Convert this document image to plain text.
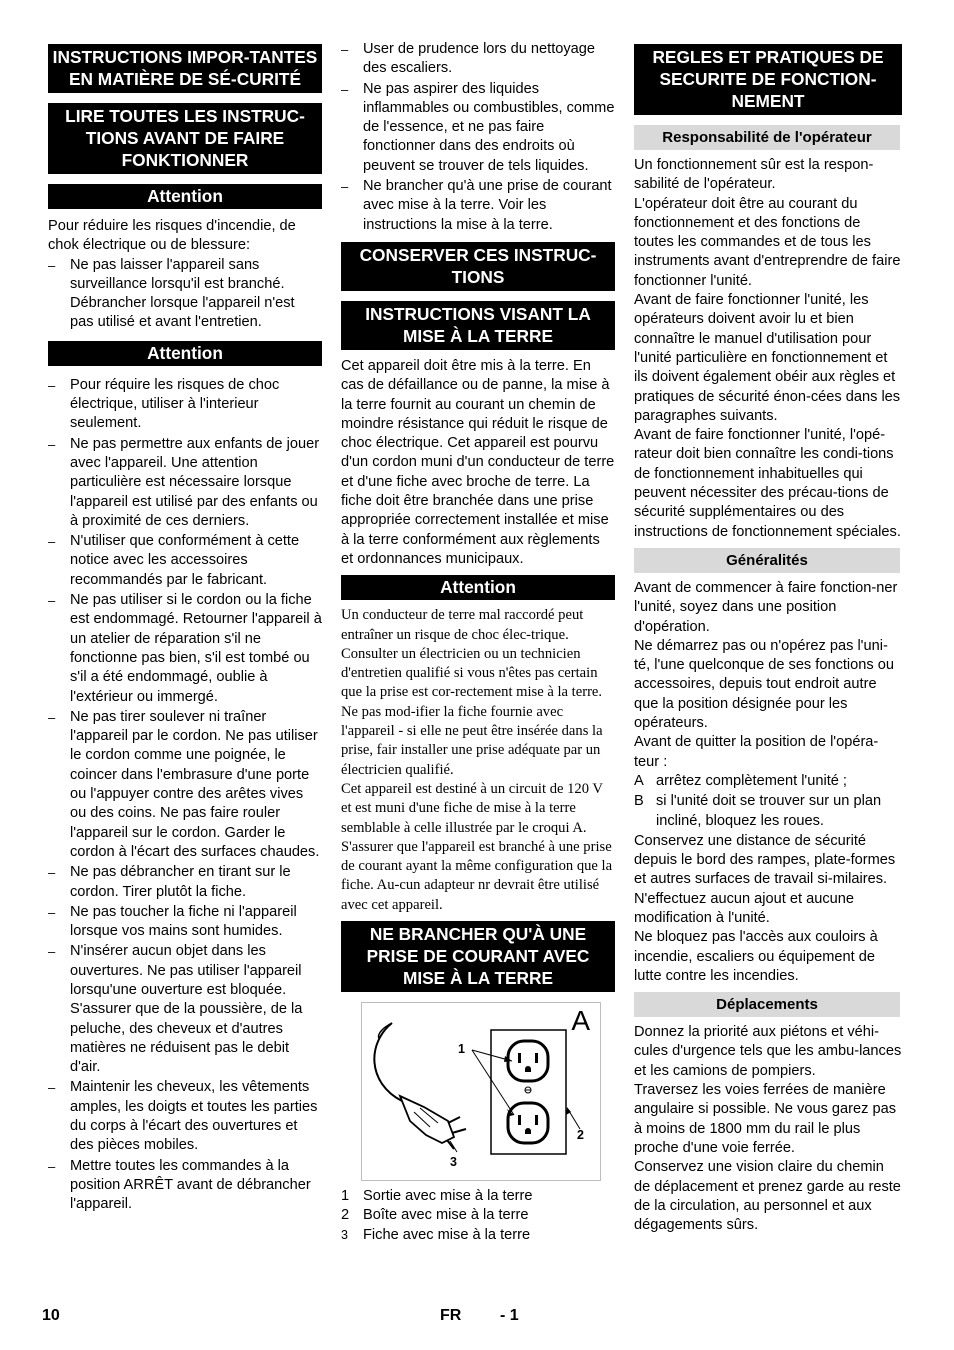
INSTRUCTIONS IMPOR-TANTES EN MATIÈRE DE SÉ-CURITÉ
LIRE TOUTES LES INSTRUC-TIONS AVANT DE FAIRE FONKTIONNER
Attention

Pour réduire les risques d'incendie, de chok électrique ou de blessure:

– Ne pas laisser l'appareil sans surveillance lorsqu'il est branché. Débrancher lorsque l'appareil n'est pas utilisé et avant l'entretien.
Attention
– Pour réquire les risques de choc électrique, utiliser à l'interieur seulement.
– Ne pas permettre aux enfants de jouer avec l'appareil. Une attention particulière est nécessaire lorsque l'appareil est utilisé par des enfants ou à proximité de ces derniers.
– N'utiliser que conformément à cette notice avec les accessoires recommandés par le fabricant.
– Ne pas utiliser si le cordon ou la fiche est endommagé. Retourner l'appareil à un atelier de réparation s'il ne fonctionne pas bien, s'il est tombé ou s'il a été endommagé, oublie à l'extérieur ou immergé.
– Ne pas tirer soulever ni traîner l'appareil par le cordon. Ne pas utiliser le cordon comme une poignée, le coincer dans l'embrasure d'une porte ou l'appuyer contre des arêtes vives ou des coins. Ne pas faire rouler l'appareil sur le cordon. Garder le cordon à l'écart des surfaces chaudes.
– Ne pas débrancher en tirant sur le cordon. Tirer plutôt la fiche.
– Ne pas toucher la fiche ni l'appareil lorsque vos mains sont humides.
– N'insérer aucun objet dans les ouvertures. Ne pas utiliser l'appareil lorsqu'une ouverture est bloquée. S'assurer que de la poussière, de la peluche, des cheveux et d'autres matières ne réduisent pas le debit d'air.
– Maintenir les cheveux, les vêtements amples, les doigts et toutes les parties du corps à l'écart des ouvertures et des pièces mobiles.
– Mettre toutes les commandes à la position ARRÊT avant de débrancher l'appareil.
– User de prudence lors du nettoyage des escaliers.
– Ne pas aspirer des liquides inflammables ou combustibles, comme de l'essence, et ne pas faire fonctionner dans des endroits où peuvent se trouver de tels liquides.
– Ne brancher qu'à une prise de courant avec mise à la terre. Voir les instructions la mise à la terre.
CONSERVER CES INSTRUC-TIONS
INSTRUCTIONS VISANT LA MISE À LA TERRE

Cet appareil doit être mis à la terre. En cas de défaillance ou de panne, la mise à la terre fournit au courant un chemin de moindre résistance qui réduit le risque de choc électrique. Cet appareil est pourvu d'un cordon muni d'un conducteur de terre et d'une fiche avec broche de terre. La fiche doit être branchée dans une prise appropriée correctement installée et mise à la terre conformément aux règlements et ordonnances municipaux.

Attention

Un conducteur de terre mal raccordé peut entraîner un risque de choc élec-trique. Consulter un électricien ou un technicien d'entretien qualifié si vous n'êtes pas certain que la prise est cor-rectement mise à la terre. Ne pas mod-ifier la fiche fournie avec l'appareil - si elle ne peut être insérée dans la prise, fair installer une prise adéquate par un électricien qualifié.

Cet appareil est destiné à un circuit de 120 V et est muni d'une fiche de mise à la terre semblable à celle illustrée par le croqui A. S'assurer que l'appareil est branché à une prise de courant ayant la même configuration que la fiche. Au-cun adapteur nr devrait être utilisé avec cet appareil.

NE BRANCHER QU'À UNE PRISE DE COURANT AVEC MISE À LA TERRE
A
1
2
3
1 Sortie avec mise à la terre
2 Boîte avec mise à la terre
3 Fiche avec mise à la terre
REGLES ET PRATIQUES DE SECURITE DE FONCTION-NEMENT
Responsabilité de l'opérateur

Un fonctionnement sûr est la respon-sabilité de l'opérateur.

L'opérateur doit être au courant du fonctionnement et des fonctions de toutes les commandes et de tous les instruments avant d'entreprendre de faire fonctionner l'unité.

Avant de faire fonctionner l'unité, les opérateurs doivent avoir lu et bien connaître le manuel d'utilisation pour l'unité particulière en fonctionnement et ils doivent également obéir aux règles et pratiques de sécurité énon-cées dans les paragraphes suivants.

Avant de faire fonctionner l'unité, l'opé-rateur doit bien connaître les condi-tions de fonctionnement inhabituelles qui peuvent nécessiter des précau-tions de sécurité supplémentaires ou des instructions de fonctionnement spéciales.

Généralités

Avant de commencer à faire fonction-ner l'unité, soyez dans une position d'opération.

Ne démarrez pas ou n'opérez pas l'uni-té, l'une quelconque de ses fonctions ou accessoires, depuis tout endroit autre que la position désignée pour les opérateurs.

Avant de quitter la position de l'opéra-teur :

A arrêtez complètement l'unité ;
B si l'unité doit se trouver sur un plan incliné, bloquez les roues.

Conservez une distance de sécurité depuis le bord des rampes, plate-formes et autres surfaces de travail si-milaires.

N'effectuez aucun ajout et aucune modification à l'unité.

Ne bloquez pas l'accès aux couloirs à incendie, escaliers ou équipement de lutte contre les incendies.

Déplacements

Donnez la priorité aux piétons et véhi-cules d'urgence tels que les ambu-lances et les camions de pompiers.

Traversez les voies ferrées de manière angulaire si possible. Ne vous garez pas à moins de 1800 mm du rail le plus proche d'une voie ferrée.

Conservez une vision claire du chemin de déplacement et prenez garde au reste de la circulation, au personnel et aux dégagements sûrs.

10	FR - 1
